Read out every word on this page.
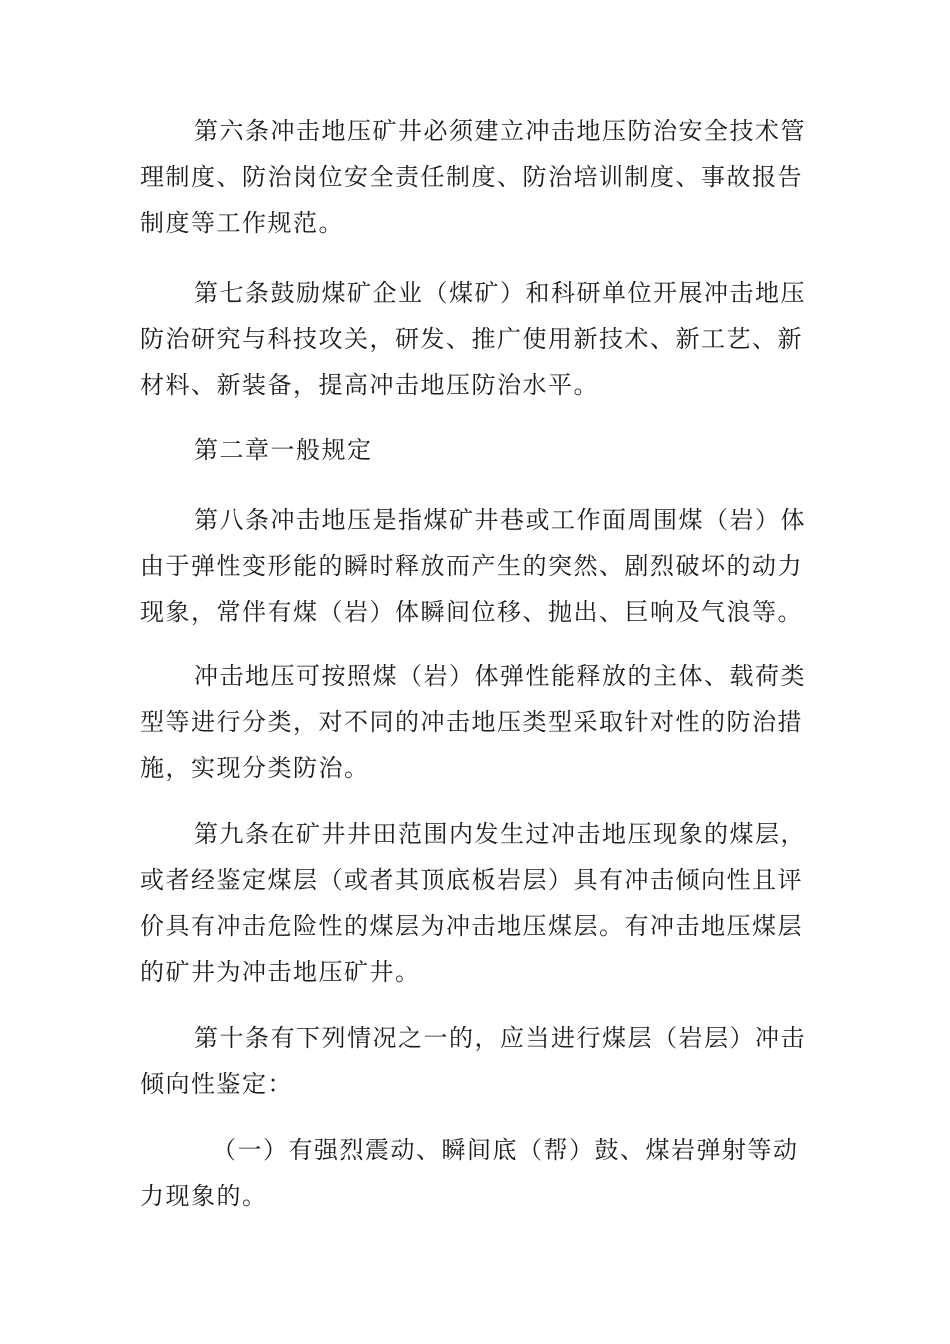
第六条冲击地压矿井必须建立冲击地压防治安全技术管
理制度、防治岗位安全责任制度、防治培训制度、事故报告
制度等工作规范。
第七条鼓励煤矿企业（煤矿）和科研单位开展冲击地压
防治研究与科技攻关，研发、推广使用新技术、新工艺、新
材料、新装备，提高冲击地压防治水平。
第二章一般规定
第八条冲击地压是指煤矿井巷或工作面周围煤（岩）体
由于弹性变形能的瞬时释放而产生的突然、剧烈破坏的动力
现象，常伴有煤（岩）体瞬间位移、抛出、巨响及气浪等。
冲击地压可按照煤（岩）体弹性能释放的主体、载荷类
型等进行分类，对不同的冲击地压类型采取针对性的防治措
施，实现分类防治。
第九条在矿井井田范围内发生过冲击地压现象的煤层，
或者经鉴定煤层（或者其顶底板岩层）具有冲击倾向性且评
价具有冲击危险性的煤层为冲击地压煤层。有冲击地压煤层
的矿井为冲击地压矿井。
第十条有下列情况之一的，应当进行煤层（岩层）冲击
倾向性鉴定：
（一）有强烈震动、瞬间底（帮）鼓、煤岩弹射等动
力现象的。
